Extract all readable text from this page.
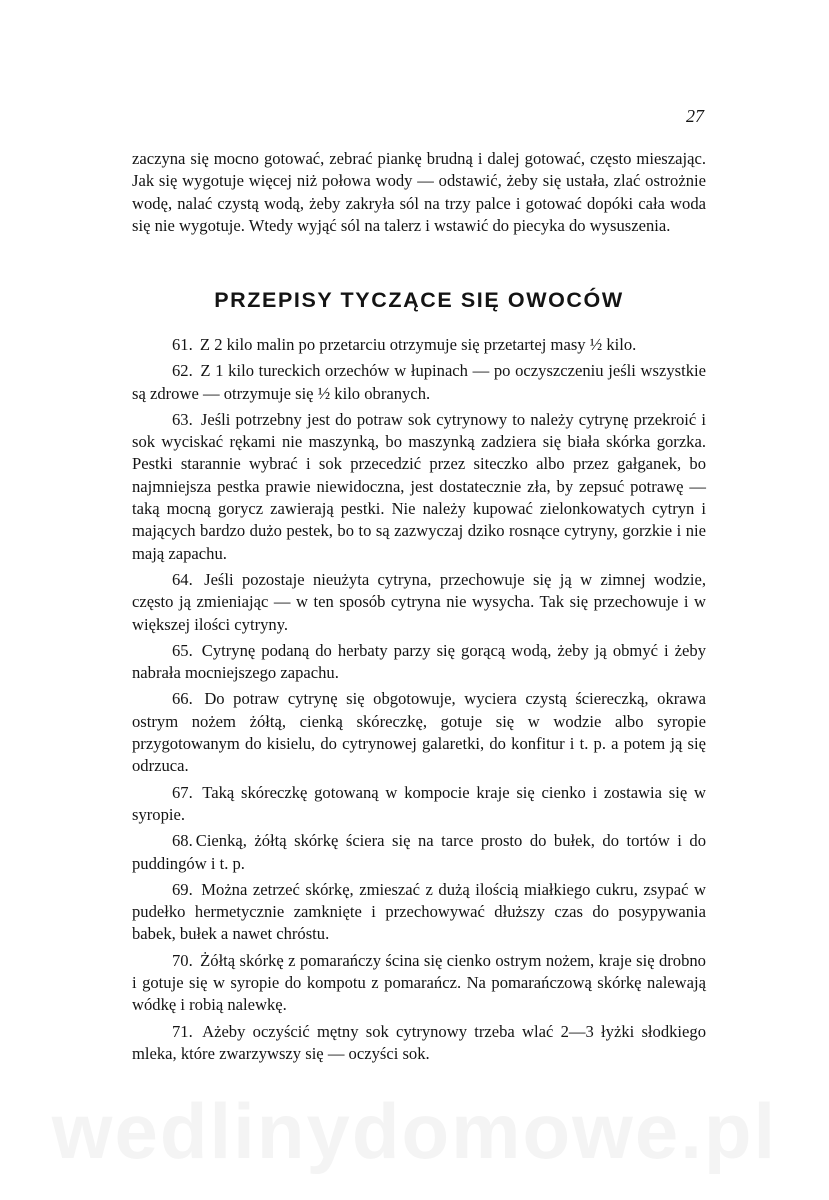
27
zaczyna się mocno gotować, zebrać piankę brudną i dalej gotować, często mieszając. Jak się wygotuje więcej niż połowa wody — odstawić, żeby się ustała, zlać ostrożnie wodę, nalać czystą wodą, żeby zakryła sól na trzy palce i gotować dopóki cała woda się nie wygotuje. Wtedy wyjąć sól na talerz i wstawić do piecyka do wysuszenia.
PRZEPISY TYCZĄCE SIĘ OWOCÓW
61. Z 2 kilo malin po przetarciu otrzymuje się przetartej masy ½ kilo.
62. Z 1 kilo tureckich orzechów w łupinach — po oczyszczeniu jeśli wszystkie są zdrowe — otrzymuje się ½ kilo obranych.
63. Jeśli potrzebny jest do potraw sok cytrynowy to należy cytrynę przekroić i sok wyciskać rękami nie maszynką, bo maszynką zadziera się biała skórka gorzka. Pestki starannie wybrać i sok przecedzić przez siteczko albo przez gałganek, bo najmniejsza pestka prawie niewidoczna, jest dostatecznie zła, by zepsuć potrawę — taką mocną gorycz zawierają pestki. Nie należy kupować zielonkowatych cytryn i mających bardzo dużo pestek, bo to są zazwyczaj dziko rosnące cytryny, gorzkie i nie mają zapachu.
64. Jeśli pozostaje nieużyta cytryna, przechowuje się ją w zimnej wodzie, często ją zmieniając — w ten sposób cytryna nie wysycha. Tak się przechowuje i w większej ilości cytryny.
65. Cytrynę podaną do herbaty parzy się gorącą wodą, żeby ją obmyć i żeby nabrała mocniejszego zapachu.
66. Do potraw cytrynę się obgotowuje, wyciera czystą ściereczką, okrawa ostrym nożem żółtą, cienką skóreczkę, gotuje się w wodzie albo syropie przygotowanym do kisielu, do cytrynowej galaretki, do konfitur i t. p. a potem ją się odrzuca.
67. Taką skóreczkę gotowaną w kompocie kraje się cienko i zostawia się w syropie.
68. Cienką, żółtą skórkę ściera się na tarce prosto do bułek, do tortów i do puddingów i t. p.
69. Można zetrzeć skórkę, zmieszać z dużą ilością miałkiego cukru, zsypać w pudełko hermetycznie zamknięte i przechowywać dłuższy czas do posypywania babek, bułek a nawet chróstu.
70. Żółtą skórkę z pomarańczy ścina się cienko ostrym nożem, kraje się drobno i gotuje się w syropie do kompotu z pomarańcz. Na pomarańczową skórkę nalewają wódkę i robią nalewkę.
71. Ażeby oczyścić mętny sok cytrynowy trzeba wlać 2—3 łyżki słodkiego mleka, które zwarzywszy się — oczyści sok.
wedlinydomowe.pl
